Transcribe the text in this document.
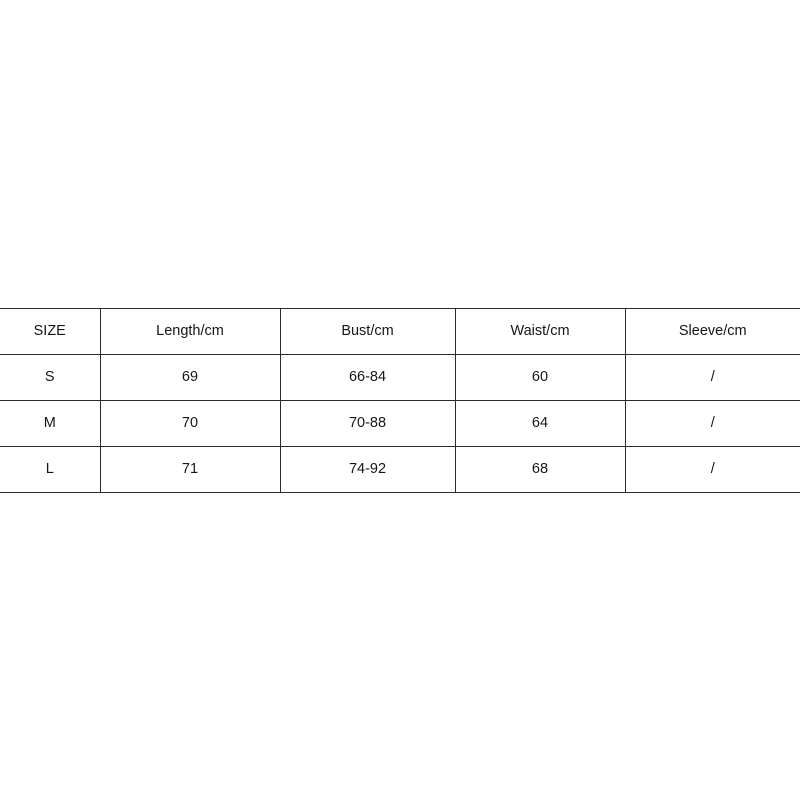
SIZE	Length/cm	Bust/cm	Waist/cm	Sleeve/cm
S	69	66-84	60	/
M	70	70-88	64	/
L	71	74-92	68	/
